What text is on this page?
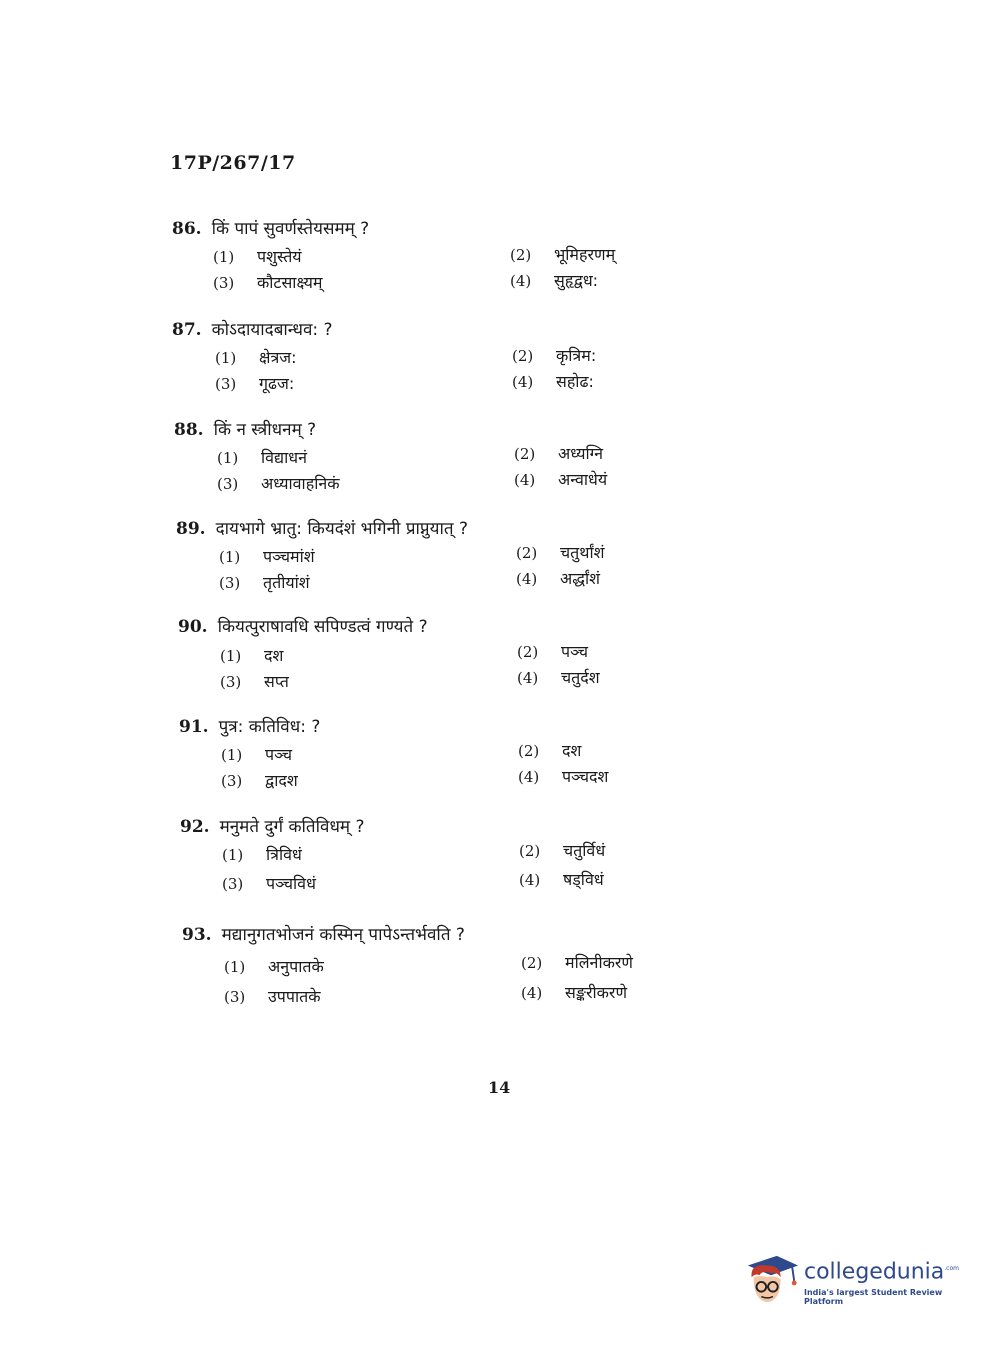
17P/267/17
86. किं पापं सुवर्णस्तेयसमम् ?
(1)	पशुस्तेयं	(2)	भूमिहरणम्
(3)	कौटसाक्ष्यम्	(4)	सुहृद्वध:
87. कोऽदायादबान्धव: ?
(1)	क्षेत्रज:	(2)	कृत्रिम:
(3)	गूढज:	(4)	सहोढ:
88. किं न स्त्रीधनम् ?
(1)	विद्याधनं	(2)	अध्यग्नि
(3)	अध्यावाहनिकं	(4)	अन्वाधेयं
89. दायभागे भ्रातु: कियदंशं भगिनी प्राप्नुयात् ?
(1)	पञ्चमांशं	(2)	चतुर्थांशं
(3)	तृतीयांशं	(4)	अर्द्धांशं
90. कियत्पुराषावधि सपिण्डत्वं गण्यते ?
(1)	दश	(2)	पञ्च
(3)	सप्त	(4)	चतुर्दश
91. पुत्र: कतिविध: ?
(1)	पञ्च	(2)	दश
(3)	द्वादश	(4)	पञ्चदश
92. मनुमते दुर्गं कतिविधम् ?
(1)	त्रिविधं	(2)	चतुर्विधं
(3)	पञ्चविधं	(4)	षड्विधं
93. मद्यानुगतभोजनं कस्मिन् पापेऽन्तर्भवति ?
(1)	अनुपातके	(2)	मलिनीकरणे
(3)	उपपातके	(4)	सङ्करीकरणे
14
collegedunia$^{.com}$
India's largest Student Review Platform
